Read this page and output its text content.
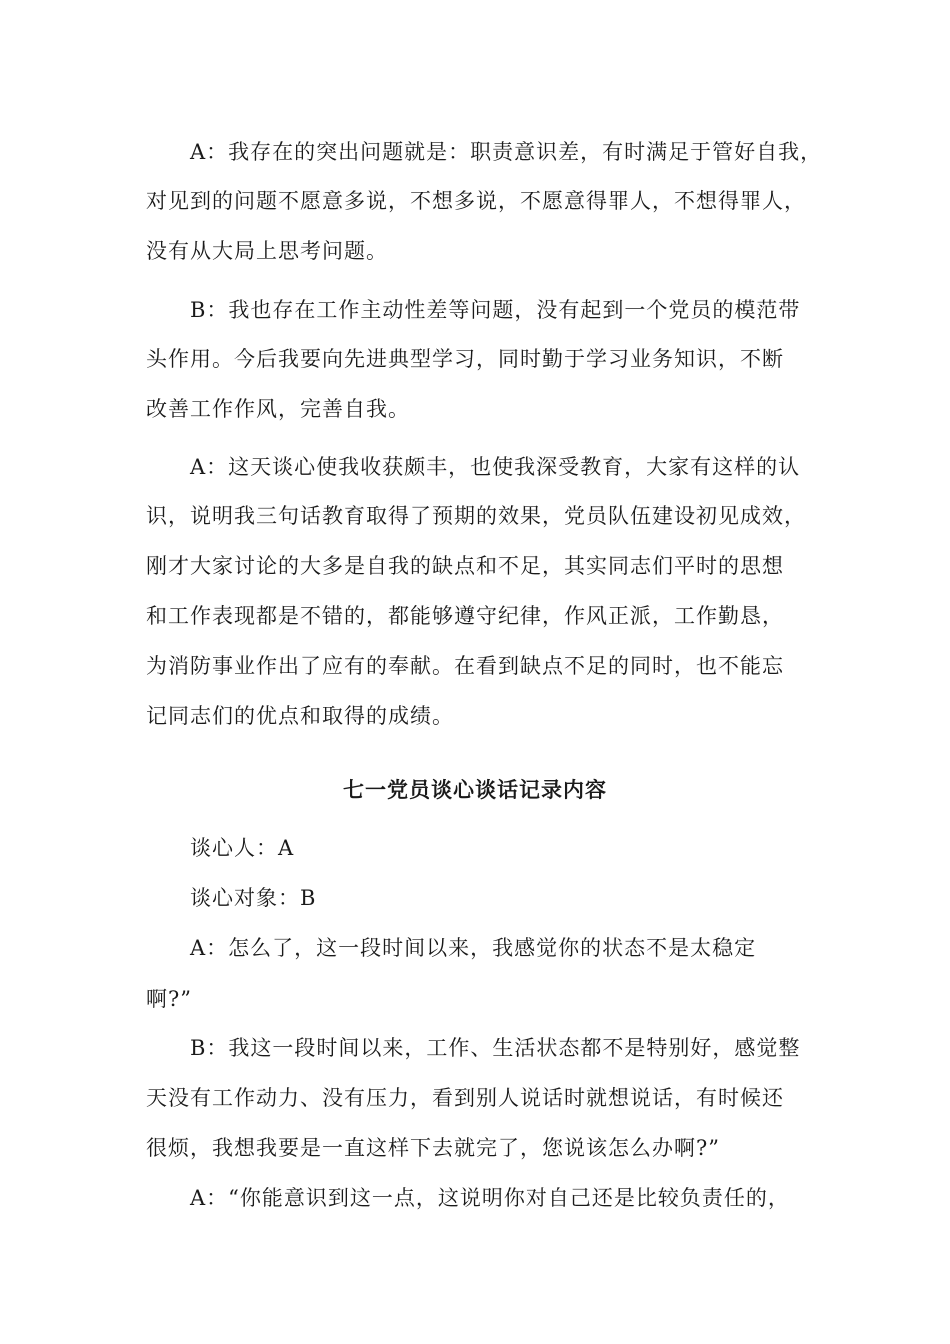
A：我存在的突出问题就是：职责意识差，有时满足于管好自我，
对见到的问题不愿意多说，不想多说，不愿意得罪人，不想得罪人，
没有从大局上思考问题。
B：我也存在工作主动性差等问题，没有起到一个党员的模范带
头作用。今后我要向先进典型学习，同时勤于学习业务知识，不断
改善工作作风，完善自我。
A：这天谈心使我收获颇丰，也使我深受教育，大家有这样的认
识，说明我三句话教育取得了预期的效果，党员队伍建设初见成效，
刚才大家讨论的大多是自我的缺点和不足，其实同志们平时的思想
和工作表现都是不错的，都能够遵守纪律，作风正派，工作勤恳，
为消防事业作出了应有的奉献。在看到缺点不足的同时，也不能忘
记同志们的优点和取得的成绩。
七一党员谈心谈话记录内容
谈心人：A
谈心对象：B
A：怎么了，这一段时间以来，我感觉你的状态不是太稳定
啊?”
B：我这一段时间以来，工作、生活状态都不是特别好，感觉整
天没有工作动力、没有压力，看到别人说话时就想说话，有时候还
很烦，我想我要是一直这样下去就完了，您说该怎么办啊?”
A：“你能意识到这一点，这说明你对自己还是比较负责任的，
